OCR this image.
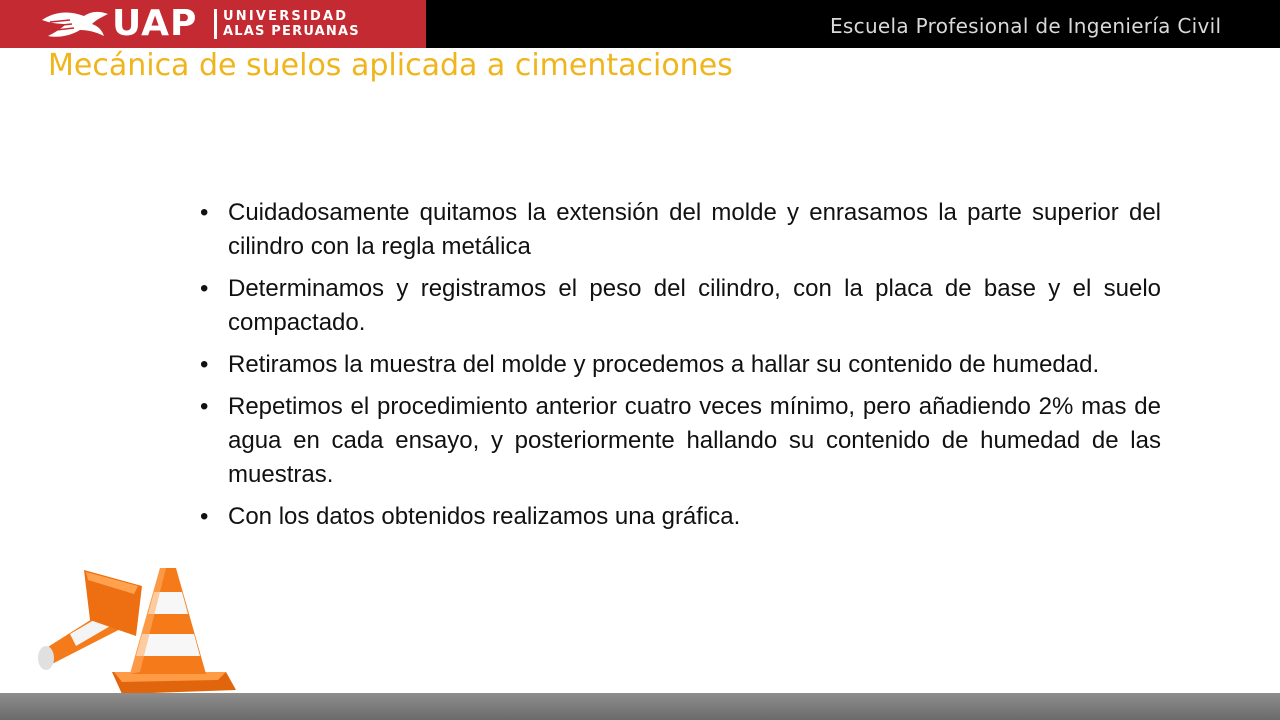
UAP UNIVERSIDAD
ALAS PERUANAS	Escuela Profesional de Ingeniería Civil
Mecánica de suelos aplicada a cimentaciones
• Cuidadosamente quitamos la extensión del molde y enrasamos la parte superior del cilindro con la regla metálica
• Determinamos y registramos el peso del cilindro, con la placa de base y el suelo compactado.
• Retiramos la muestra del molde y procedemos a hallar su contenido de humedad.
• Repetimos el procedimiento anterior cuatro veces mínimo, pero añadiendo 2% mas de agua en cada ensayo, y posteriormente hallando su contenido de humedad de las muestras.
• Con los datos obtenidos realizamos una gráfica.
